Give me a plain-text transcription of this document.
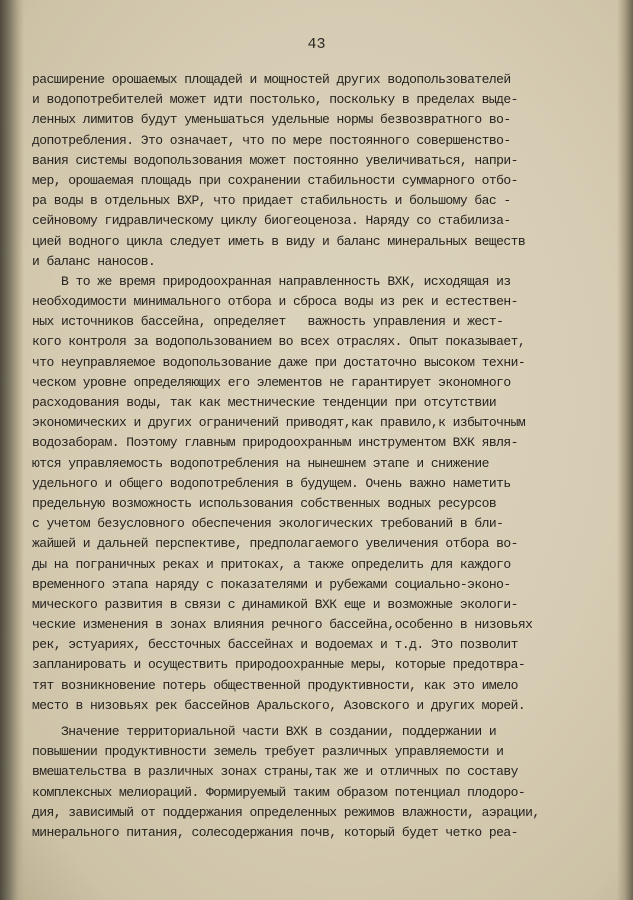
43
расширение орошаемых площадей и мощностей других водопользователей
и водопотребителей может идти постолько, поскольку в пределах выде-
ленных лимитов будут уменьшаться удельные нормы безвозвратного во-
допотребления. Это означает, что по мере постоянного совершенство-
вания системы водопользования может постоянно увеличиваться, напри-
мер, орошаемая площадь при сохранении стабильности суммарного отбо-
ра воды в отдельных ВХР, что придает стабильность и большому бас -
сейновому гидравлическому циклу биогеоценоза. Наряду со стабилиза-
цией водного цикла следует иметь в виду и баланс минеральных веществ
и баланс наносов.
В то же время природоохранная направленность ВХК, исходящая из
необходимости минимального отбора и сброса воды из рек и естествен-
ных источников бассейна, определяет   важность управления и жест-
кого контроля за водопользованием во всех отраслях. Опыт показывает,
что неуправляемое водопользование даже при достаточно высоком техни-
ческом уровне определяющих его элементов не гарантирует экономного
расходования воды, так как местнические тенденции при отсутствии
экономических и других ограничений приводят,как правило,к избыточным
водозаборам. Поэтому главным природоохранным инструментом ВХК явля-
ются управляемость водопотребления на нынешнем этапе и снижение
удельного и общего водопотребления в будущем. Очень важно наметить
предельную возможность использования собственных водных ресурсов
с учетом безусловного обеспечения экологических требований в бли-
жайшей и дальней перспективе, предполагаемого увеличения отбора во-
ды на пограничных реках и притоках, а также определить для каждого
временного этапа наряду с показателями и рубежами социально-эконо-
мического развития в связи с динамикой ВХК еще и возможные экологи-
ческие изменения в зонах влияния речного бассейна,особенно в низовьях
рек, эстуариях, бессточных бассейнах и водоемах и т.д. Это позволит
запланировать и осуществить природоохранные меры, которые предотвра-
тят возникновение потерь общественной продуктивности, как это имело
место в низовьях рек бассейнов Аральского, Азовского и других морей.
Значение территориальной части ВХК в создании, поддержании и
повышении продуктивности земель требует различных управляемости и
вмешательства в различных зонах страны,так же и отличных по составу
комплексных мелиораций. Формируемый таким образом потенциал плодоро-
дия, зависимый от поддержания определенных режимов влажности, аэрации,
минерального питания, солесодержания почв, который будет четко реа-
